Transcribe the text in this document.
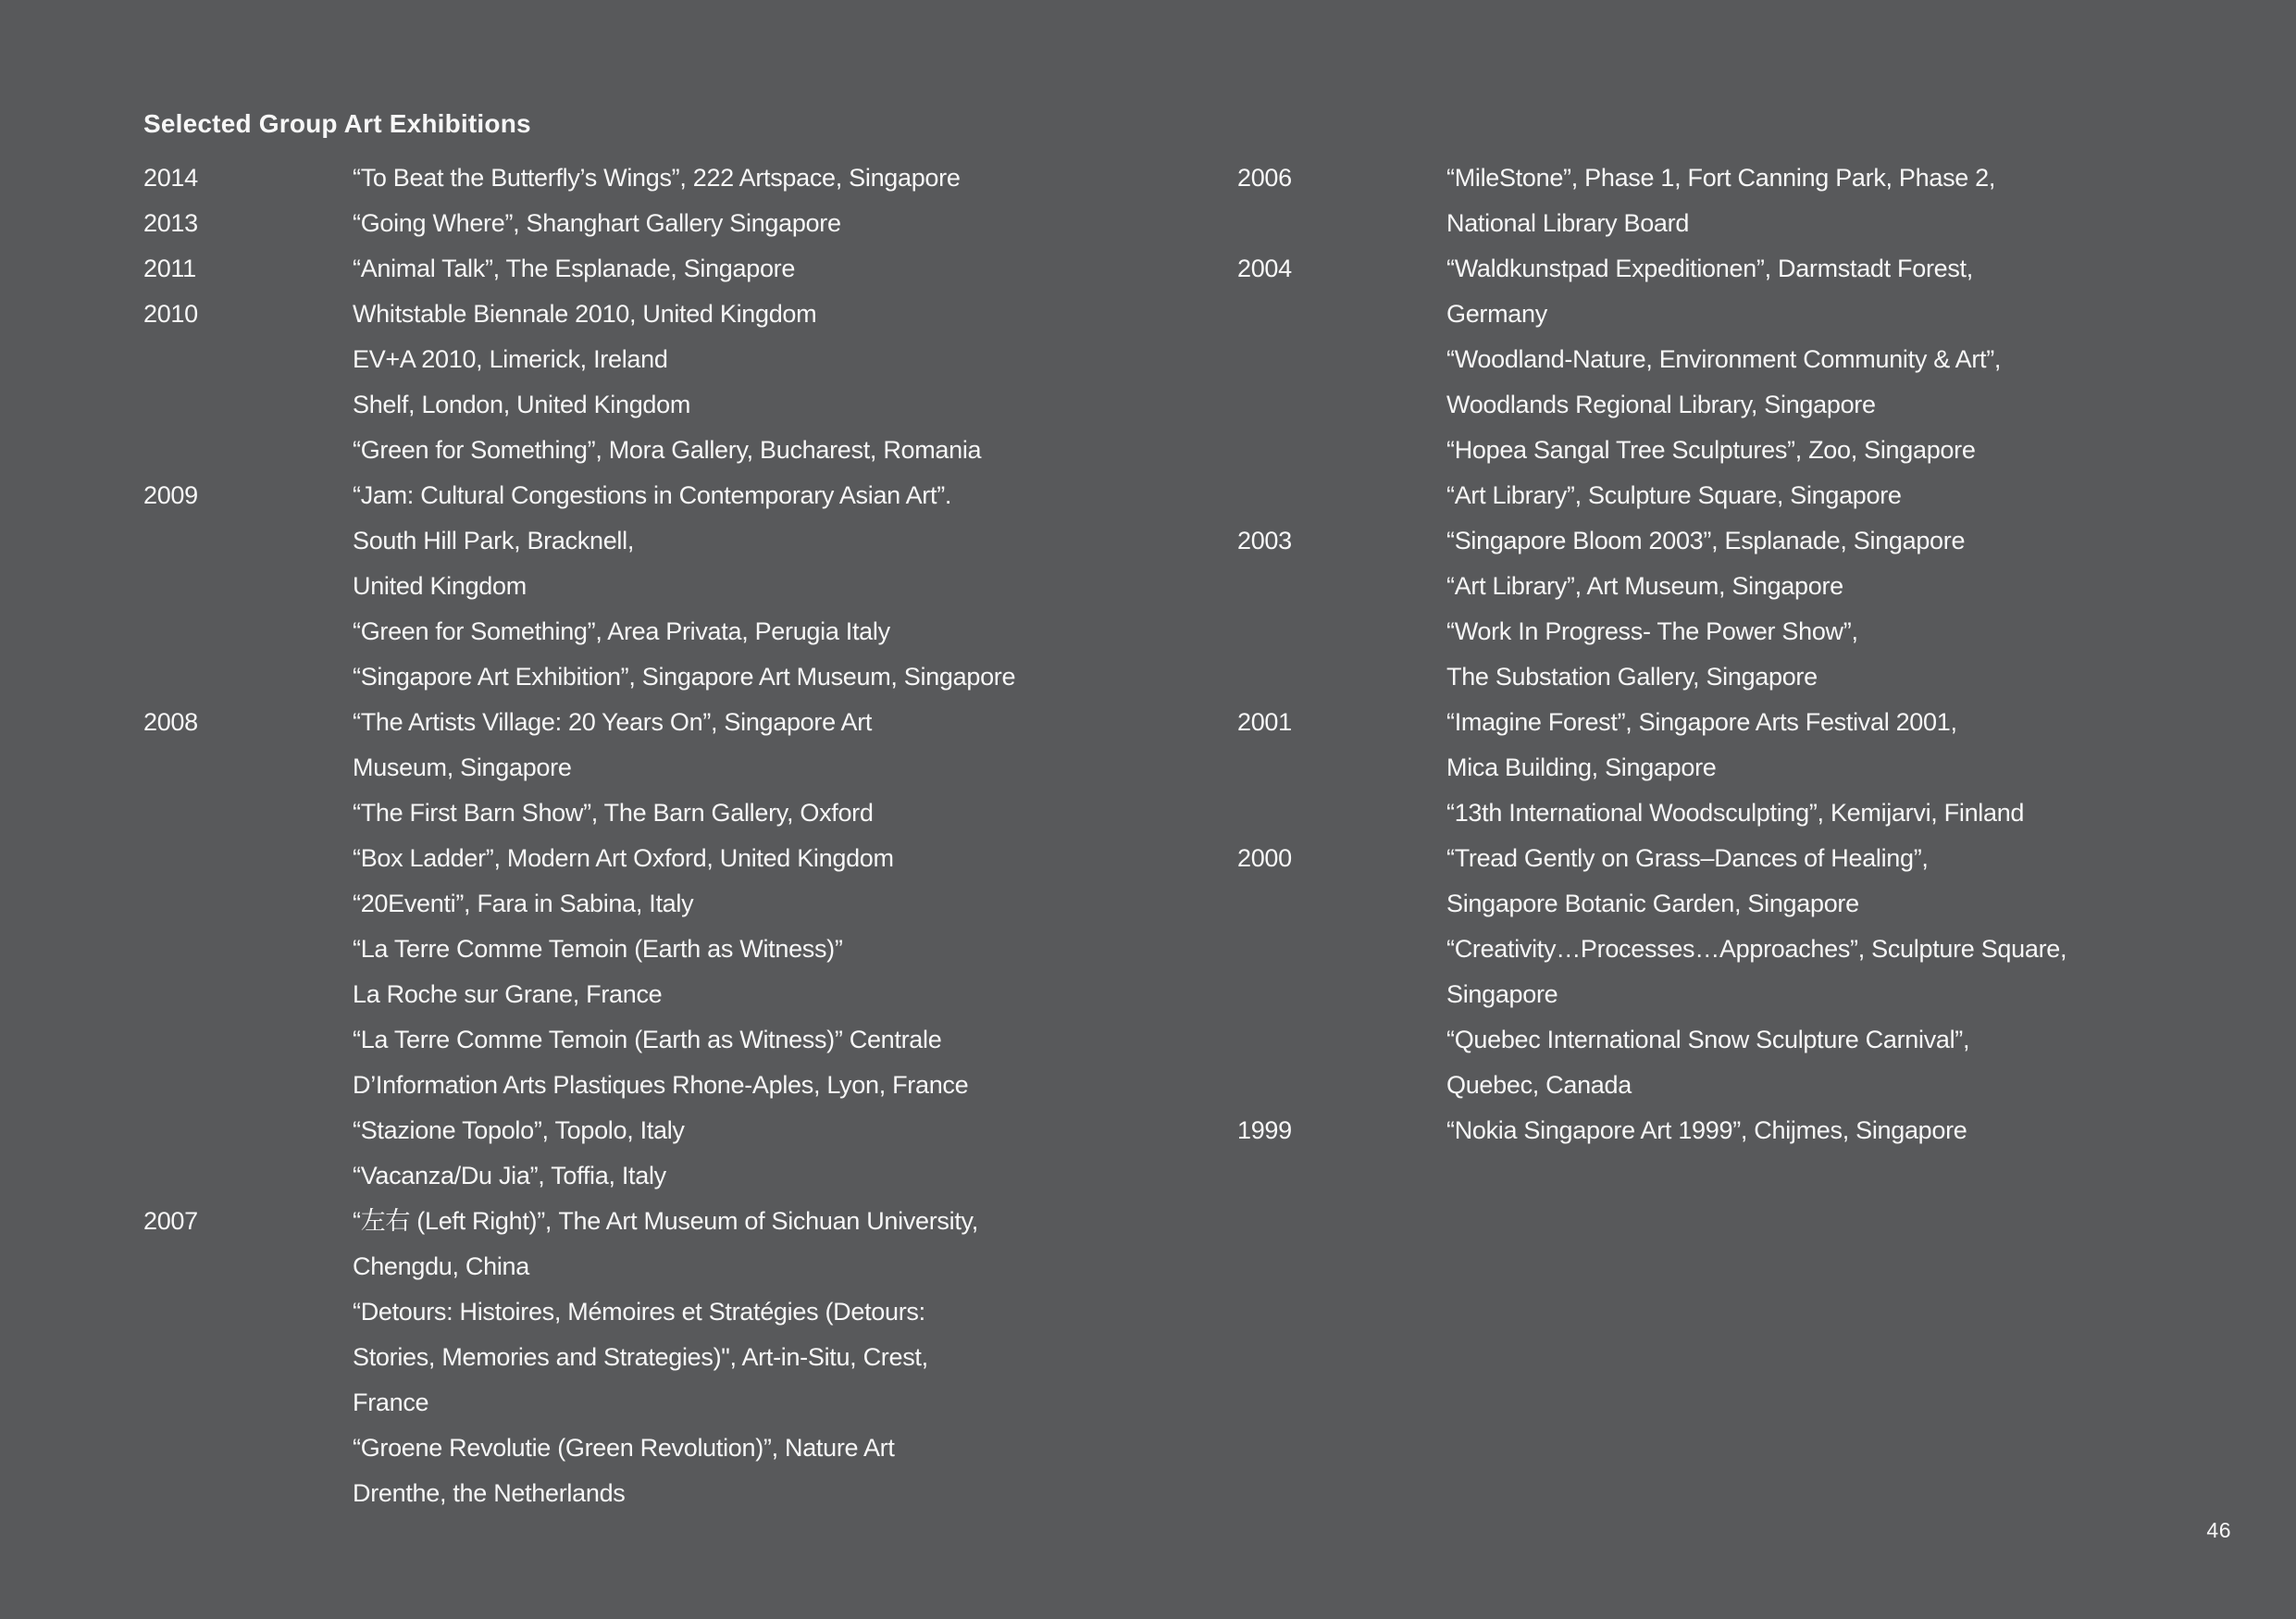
Selected Group Art Exhibitions
2014	“To Beat the Butterfly’s Wings”, 222 Artspace, Singapore
2013	“Going Where”, Shanghart Gallery Singapore
2011	“Animal Talk”, The Esplanade, Singapore
2010	Whitstable Biennale 2010, United Kingdom
EV+A 2010, Limerick, Ireland
Shelf, London, United Kingdom
“Green for Something”, Mora Gallery, Bucharest, Romania
2009	“Jam: Cultural Congestions in Contemporary Asian Art”.
South Hill Park, Bracknell,
United Kingdom
“Green for Something”, Area Privata, Perugia Italy
“Singapore Art Exhibition”, Singapore Art Museum, Singapore
2008	“The Artists Village: 20 Years On”, Singapore Art
Museum, Singapore
“The First Barn Show”, The Barn Gallery, Oxford
“Box Ladder”, Modern Art Oxford, United Kingdom
“20Eventi”, Fara in Sabina, Italy
“La Terre Comme Temoin (Earth as Witness)”
La Roche sur Grane, France
“La Terre Comme Temoin (Earth as Witness)” Centrale
D’Information Arts Plastiques Rhone-Aples, Lyon, France
“Stazione Topolo”, Topolo, Italy
“Vacanza/Du Jia”, Toffia, Italy
2007	“左右 (Left Right)”, The Art Museum of Sichuan University,
Chengdu, China
“Detours: Histoires, Mémoires et Stratégies (Detours:
Stories, Memories and Strategies)", Art-in-Situ, Crest,
France
“Groene Revolutie (Green Revolution)”, Nature Art
Drenthe, the Netherlands
2006	“MileStone”, Phase 1, Fort Canning Park, Phase 2,
National Library Board
2004	“Waldkunstpad Expeditionen”, Darmstadt Forest,
Germany
“Woodland-Nature, Environment Community & Art”,
Woodlands Regional Library, Singapore
“Hopea Sangal Tree Sculptures”, Zoo, Singapore
“Art Library”, Sculpture Square, Singapore
2003	“Singapore Bloom 2003”, Esplanade, Singapore
“Art Library”, Art Museum, Singapore
“Work In Progress- The Power Show”,
The Substation Gallery, Singapore
2001	“Imagine Forest”, Singapore Arts Festival 2001,
Mica Building, Singapore
“13th International Woodsculpting”, Kemijarvi, Finland
2000	“Tread Gently on Grass–Dances of Healing”,
Singapore Botanic Garden, Singapore
“Creativity…Processes…Approaches”, Sculpture Square,
Singapore
“Quebec International Snow Sculpture Carnival”,
Quebec, Canada
1999	“Nokia Singapore Art 1999”, Chijmes, Singapore
46
